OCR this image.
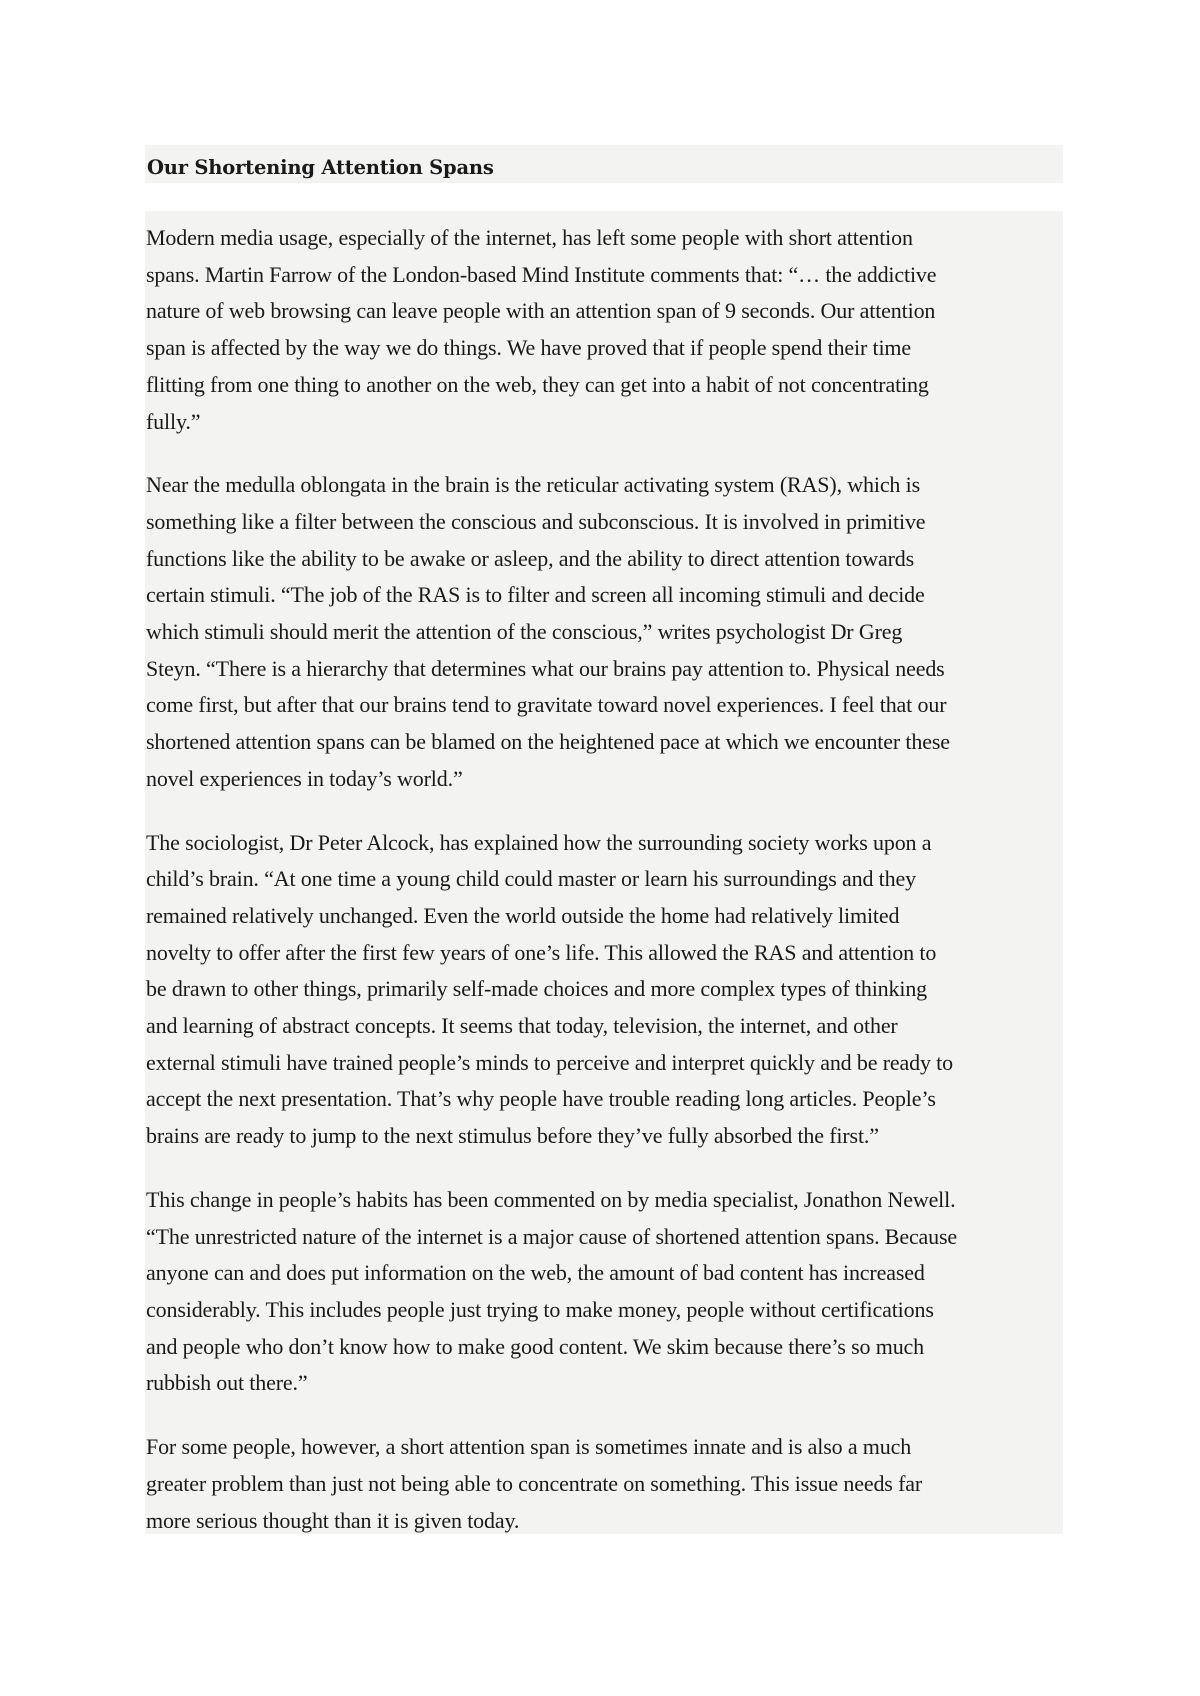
Our Shortening Attention Spans

Modern media usage, especially of the internet, has left some people with short attention
spans. Martin Farrow of the London-based Mind Institute comments that: “… the addictive
nature of web browsing can leave people with an attention span of 9 seconds. Our attention
span is affected by the way we do things. We have proved that if people spend their time
flitting from one thing to another on the web, they can get into a habit of not concentrating
fully.”

Near the medulla oblongata in the brain is the reticular activating system (RAS), which is
something like a filter between the conscious and subconscious. It is involved in primitive
functions like the ability to be awake or asleep, and the ability to direct attention towards
certain stimuli. “The job of the RAS is to filter and screen all incoming stimuli and decide
which stimuli should merit the attention of the conscious,” writes psychologist Dr Greg
Steyn. “There is a hierarchy that determines what our brains pay attention to. Physical needs
come first, but after that our brains tend to gravitate toward novel experiences. I feel that our
shortened attention spans can be blamed on the heightened pace at which we encounter these
novel experiences in today’s world.”

The sociologist, Dr Peter Alcock, has explained how the surrounding society works upon a
child’s brain. “At one time a young child could master or learn his surroundings and they
remained relatively unchanged. Even the world outside the home had relatively limited
novelty to offer after the first few years of one’s life. This allowed the RAS and attention to
be drawn to other things, primarily self-made choices and more complex types of thinking
and learning of abstract concepts. It seems that today, television, the internet, and other
external stimuli have trained people’s minds to perceive and interpret quickly and be ready to
accept the next presentation. That’s why people have trouble reading long articles. People’s
brains are ready to jump to the next stimulus before they’ve fully absorbed the first.”

This change in people’s habits has been commented on by media specialist, Jonathon Newell.
“The unrestricted nature of the internet is a major cause of shortened attention spans. Because
anyone can and does put information on the web, the amount of bad content has increased
considerably. This includes people just trying to make money, people without certifications
and people who don’t know how to make good content. We skim because there’s so much
rubbish out there.”

For some people, however, a short attention span is sometimes innate and is also a much
greater problem than just not being able to concentrate on something. This issue needs far
more serious thought than it is given today.
